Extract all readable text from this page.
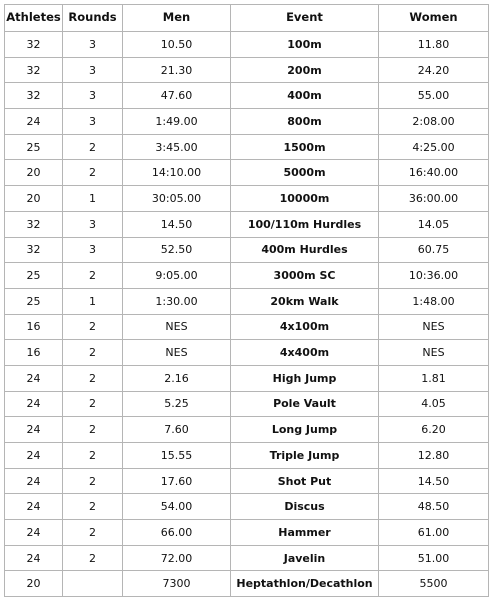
Athletes	Rounds	Men	Event	Women
32	3	10.50	100m	11.80
32	3	21.30	200m	24.20
32	3	47.60	400m	55.00
24	3	1:49.00	800m	2:08.00
25	2	3:45.00	1500m	4:25.00
20	2	14:10.00	5000m	16:40.00
20	1	30:05.00	10000m	36:00.00
32	3	14.50	100/110m Hurdles	14.05
32	3	52.50	400m Hurdles	60.75
25	2	9:05.00	3000m SC	10:36.00
25	1	1:30.00	20km Walk	1:48.00
16	2	NES	4x100m	NES
16	2	NES	4x400m	NES
24	2	2.16	High Jump	1.81
24	2	5.25	Pole Vault	4.05
24	2	7.60	Long Jump	6.20
24	2	15.55	Triple Jump	12.80
24	2	17.60	Shot Put	14.50
24	2	54.00	Discus	48.50
24	2	66.00	Hammer	61.00
24	2	72.00	Javelin	51.00
20		7300	Heptathlon/Decathlon	5500
